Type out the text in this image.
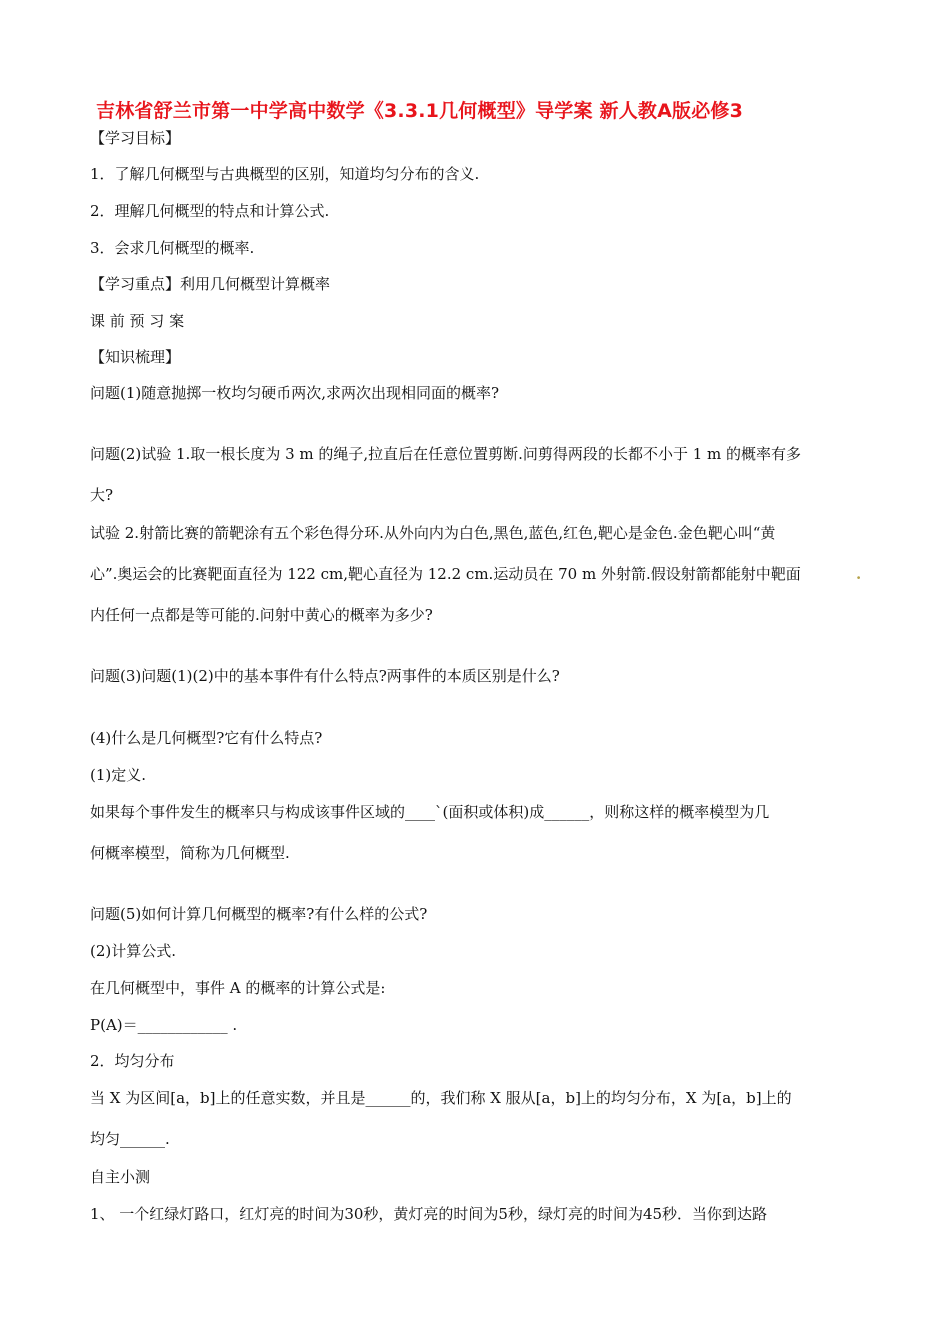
吉林省舒兰市第一中学高中数学《3.3.1几何概型》导学案 新人教A版必修3
【学习目标】
1．了解几何概型与古典概型的区别，知道均匀分布的含义.
2．理解几何概型的特点和计算公式.
3．会求几何概型的概率.
【学习重点】利用几何概型计算概率
课 前 预 习 案
【知识梳理】
问题(1)随意抛掷一枚均匀硬币两次,求两次出现相同面的概率?
问题(2)试验 1.取一根长度为 3 m 的绳子,拉直后在任意位置剪断.问剪得两段的长都不小于 1 m 的概率有多
大?
试验 2.射箭比赛的箭靶涂有五个彩色得分环.从外向内为白色,黑色,蓝色,红色,靶心是金色.金色靶心叫“黄
心”.奥运会的比赛靶面直径为 122 cm,靶心直径为 12.2 cm.运动员在 70 m 外射箭.假设射箭都能射中靶面	.
内任何一点都是等可能的.问射中黄心的概率为多少?
问题(3)问题(1)(2)中的基本事件有什么特点?两事件的本质区别是什么?
(4)什么是几何概型?它有什么特点?
(1)定义.
如果每个事件发生的概率只与构成该事件区域的____`(面积或体积)成______，则称这样的概率模型为几
何概率模型，简称为几何概型.
问题(5)如何计算几何概型的概率?有什么样的公式?
(2)计算公式.
在几何概型中，事件 A 的概率的计算公式是:
P(A)＝____________ .
2．均匀分布
当 X 为区间[a，b]上的任意实数，并且是______的，我们称 X 服从[a，b]上的均匀分布，X 为[a，b]上的
均匀______.
自主小测
1、 一个红绿灯路口，红灯亮的时间为30秒，黄灯亮的时间为5秒，绿灯亮的时间为45秒．当你到达路
